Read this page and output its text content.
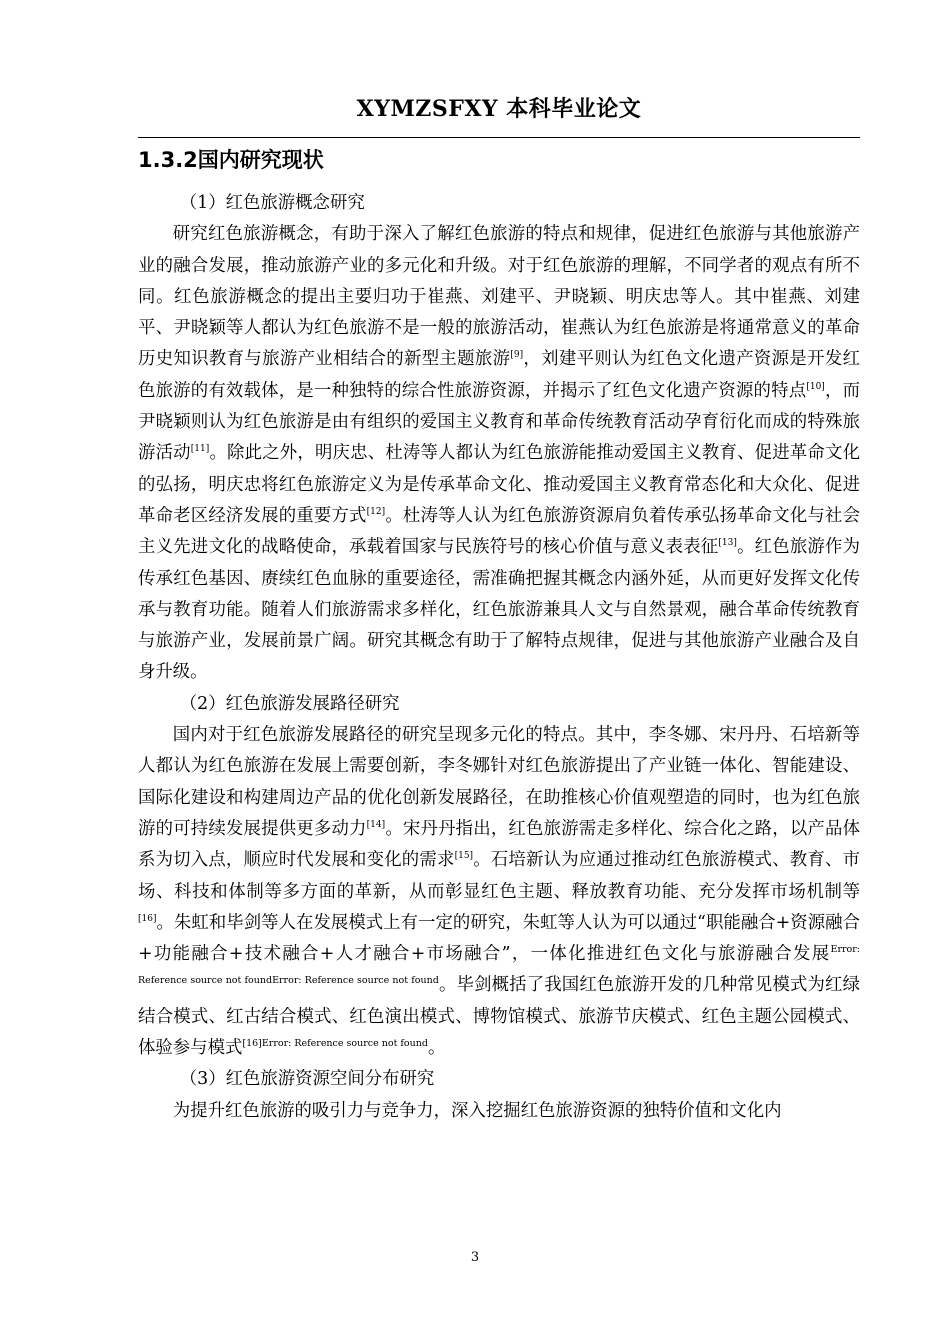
XYMZSFXY 本科毕业论文
1.3.2国内研究现状

（1）红色旅游概念研究

研究红色旅游概念，有助于深入了解红色旅游的特点和规律，促进红色旅游与其他旅游产业的融合发展，推动旅游产业的多元化和升级。对于红色旅游的理解，不同学者的观点有所不同。红色旅游概念的提出主要归功于崔燕、刘建平、尹晓颖、明庆忠等人。其中崔燕、刘建平、尹晓颖等人都认为红色旅游不是一般的旅游活动，崔燕认为红色旅游是将通常意义的革命历史知识教育与旅游产业相结合的新型主题旅游[9]，刘建平则认为红色文化遗产资源是开发红色旅游的有效载体，是一种独特的综合性旅游资源，并揭示了红色文化遗产资源的特点[10]，而尹晓颖则认为红色旅游是由有组织的爱国主义教育和革命传统教育活动孕育衍化而成的特殊旅游活动[11]。除此之外，明庆忠、杜涛等人都认为红色旅游能推动爱国主义教育、促进革命文化的弘扬，明庆忠将红色旅游定义为是传承革命文化、推动爱国主义教育常态化和大众化、促进革命老区经济发展的重要方式[12]。杜涛等人认为红色旅游资源肩负着传承弘扬革命文化与社会主义先进文化的战略使命，承载着国家与民族符号的核心价值与意义表表征[13]。红色旅游作为传承红色基因、赓续红色血脉的重要途径，需准确把握其概念内涵外延，从而更好发挥文化传承与教育功能。随着人们旅游需求多样化，红色旅游兼具人文与自然景观，融合革命传统教育与旅游产业，发展前景广阔。研究其概念有助于了解特点规律，促进与其他旅游产业融合及自身升级。

（2）红色旅游发展路径研究

国内对于红色旅游发展路径的研究呈现多元化的特点。其中，李冬娜、宋丹丹、石培新等人都认为红色旅游在发展上需要创新，李冬娜针对红色旅游提出了产业链一体化、智能建设、国际化建设和构建周边产品的优化创新发展路径，在助推核心价值观塑造的同时，也为红色旅游的可持续发展提供更多动力[14]。宋丹丹指出，红色旅游需走多样化、综合化之路，以产品体系为切入点，顺应时代发展和变化的需求[15]。石培新认为应通过推动红色旅游模式、教育、市场、科技和体制等多方面的革新，从而彰显红色主题、释放教育功能、充分发挥市场机制等[16]。朱虹和毕剑等人在发展模式上有一定的研究，朱虹等人认为可以通过“职能融合+资源融合+功能融合+技术融合+人才融合+市场融合”，一体化推进红色文化与旅游融合发展$^{Error: Reference source not foundError: Reference source not found}$。毕剑概括了我国红色旅游开发的几种常见模式为红绿结合模式、红古结合模式、红色演出模式、博物馆模式、旅游节庆模式、红色主题公园模式、体验参与模式$^{[16]Error: Reference source not found}$。

（3）红色旅游资源空间分布研究

为提升红色旅游的吸引力与竞争力，深入挖掘红色旅游资源的独特价值和文化内

3
